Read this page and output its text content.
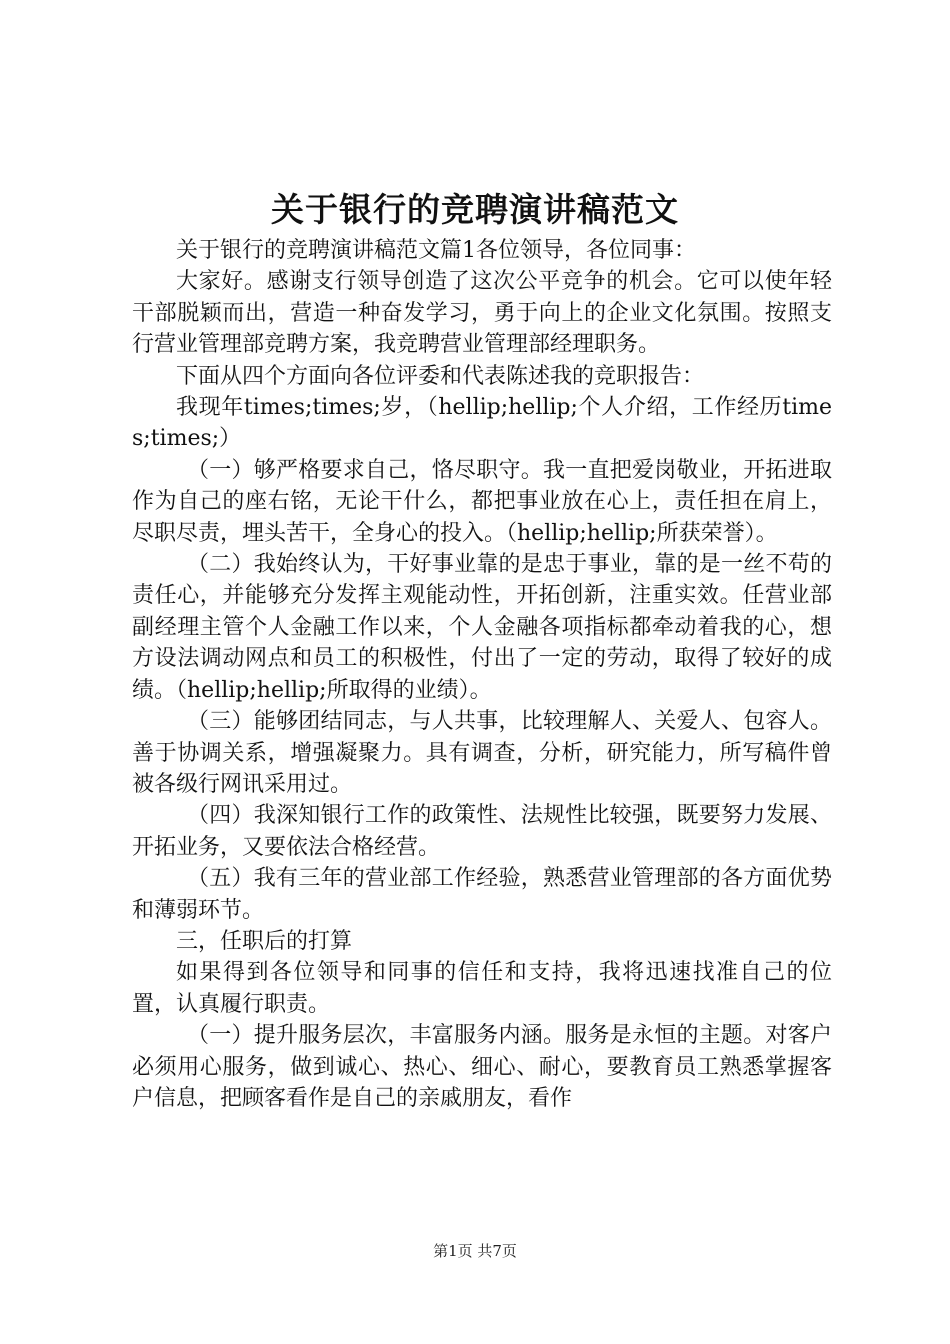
关于银行的竞聘演讲稿范文

关于银行的竞聘演讲稿范文篇1各位领导，各位同事：

大家好。感谢支行领导创造了这次公平竞争的机会。它可以使年轻干部脱颖而出，营造一种奋发学习，勇于向上的企业文化氛围。按照支行营业管理部竞聘方案，我竞聘营业管理部经理职务。

下面从四个方面向各位评委和代表陈述我的竞职报告：

我现年times;times;岁，（hellip;hellip;个人介绍，工作经历times;times;）

（一）够严格要求自己，恪尽职守。我一直把爱岗敬业，开拓进取作为自己的座右铭，无论干什么，都把事业放在心上，责任担在肩上，尽职尽责，埋头苦干，全身心的投入。（hellip;hellip;所获荣誉）。

（二）我始终认为，干好事业靠的是忠于事业，靠的是一丝不苟的责任心，并能够充分发挥主观能动性，开拓创新，注重实效。任营业部副经理主管个人金融工作以来，个人金融各项指标都牵动着我的心，想方设法调动网点和员工的积极性，付出了一定的劳动，取得了较好的成绩。（hellip;hellip;所取得的业绩）。

（三）能够团结同志，与人共事，比较理解人、关爱人、包容人。善于协调关系，增强凝聚力。具有调查，分析，研究能力，所写稿件曾被各级行网讯采用过。

（四）我深知银行工作的政策性、法规性比较强，既要努力发展、开拓业务，又要依法合格经营。

（五）我有三年的营业部工作经验，熟悉营业管理部的各方面优势和薄弱环节。

三，任职后的打算

如果得到各位领导和同事的信任和支持，我将迅速找准自己的位置，认真履行职责。

（一）提升服务层次，丰富服务内涵。服务是永恒的主题。对客户必须用心服务，做到诚心、热心、细心、耐心，要教育员工熟悉掌握客户信息，把顾客看作是自己的亲戚朋友，看作

第1页 共7页
